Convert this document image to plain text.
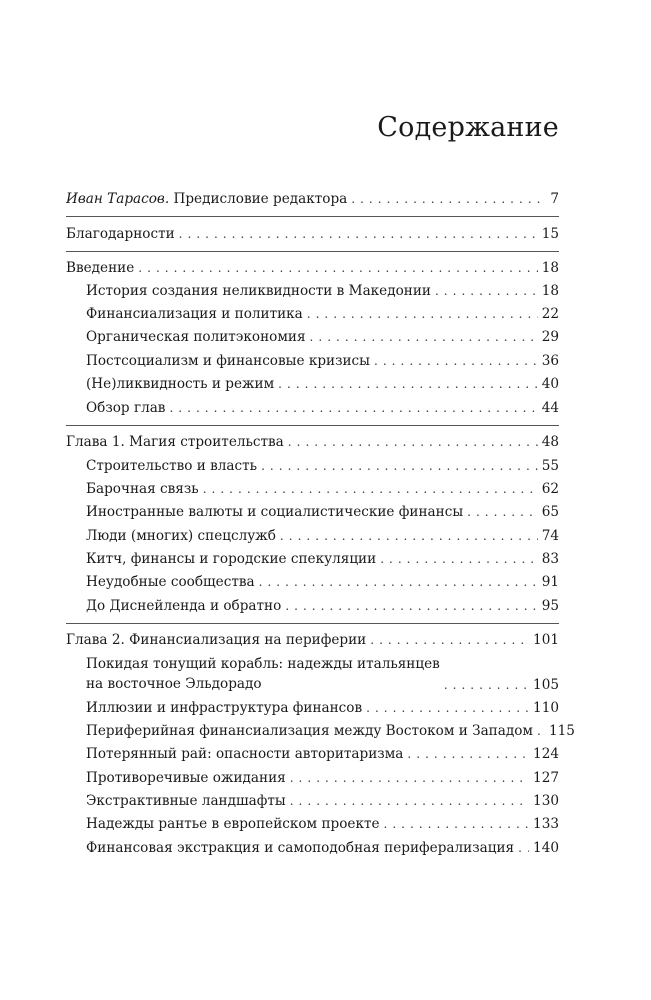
Содержание
Иван Тарасов. Предисловие редактора . . .	7
Благодарности . . .	15
Введение . . .	18
История создания неликвидности в Македонии . . .	18
Финансиализация и политика . . .	22
Органическая политэкономия . . .	29
Постсоциализм и финансовые кризисы . . .	36
(Не)ликвидность и режим . . .	40
Обзор глав . . .	44
Глава 1. Магия строительства . . .	48
Строительство и власть . . .	55
Барочная связь . . .	62
Иностранные валюты и социалистические финансы . . .	65
Люди (многих) спецслужб . . .	74
Китч, финансы и городские спекуляции . . .	83
Неудобные сообщества . . .	91
До Диснейленда и обратно . . .	95
Глава 2. Финансиализация на периферии . . .	101
Покидая тонущий корабль: надежды итальянцев
на восточное Эльдорадо . . .	105
Иллюзии и инфраструктура финансов . . .	110
Периферийная финансиализация между Востоком и Западом . . . 115
Потерянный рай: опасности авторитаризма . . .	124
Противоречивые ожидания . . .	127
Экстрактивные ландшафты . . .	130
Надежды рантье в европейском проекте . . .	133
Финансовая экстракция и самоподобная периферализация . . . 140
